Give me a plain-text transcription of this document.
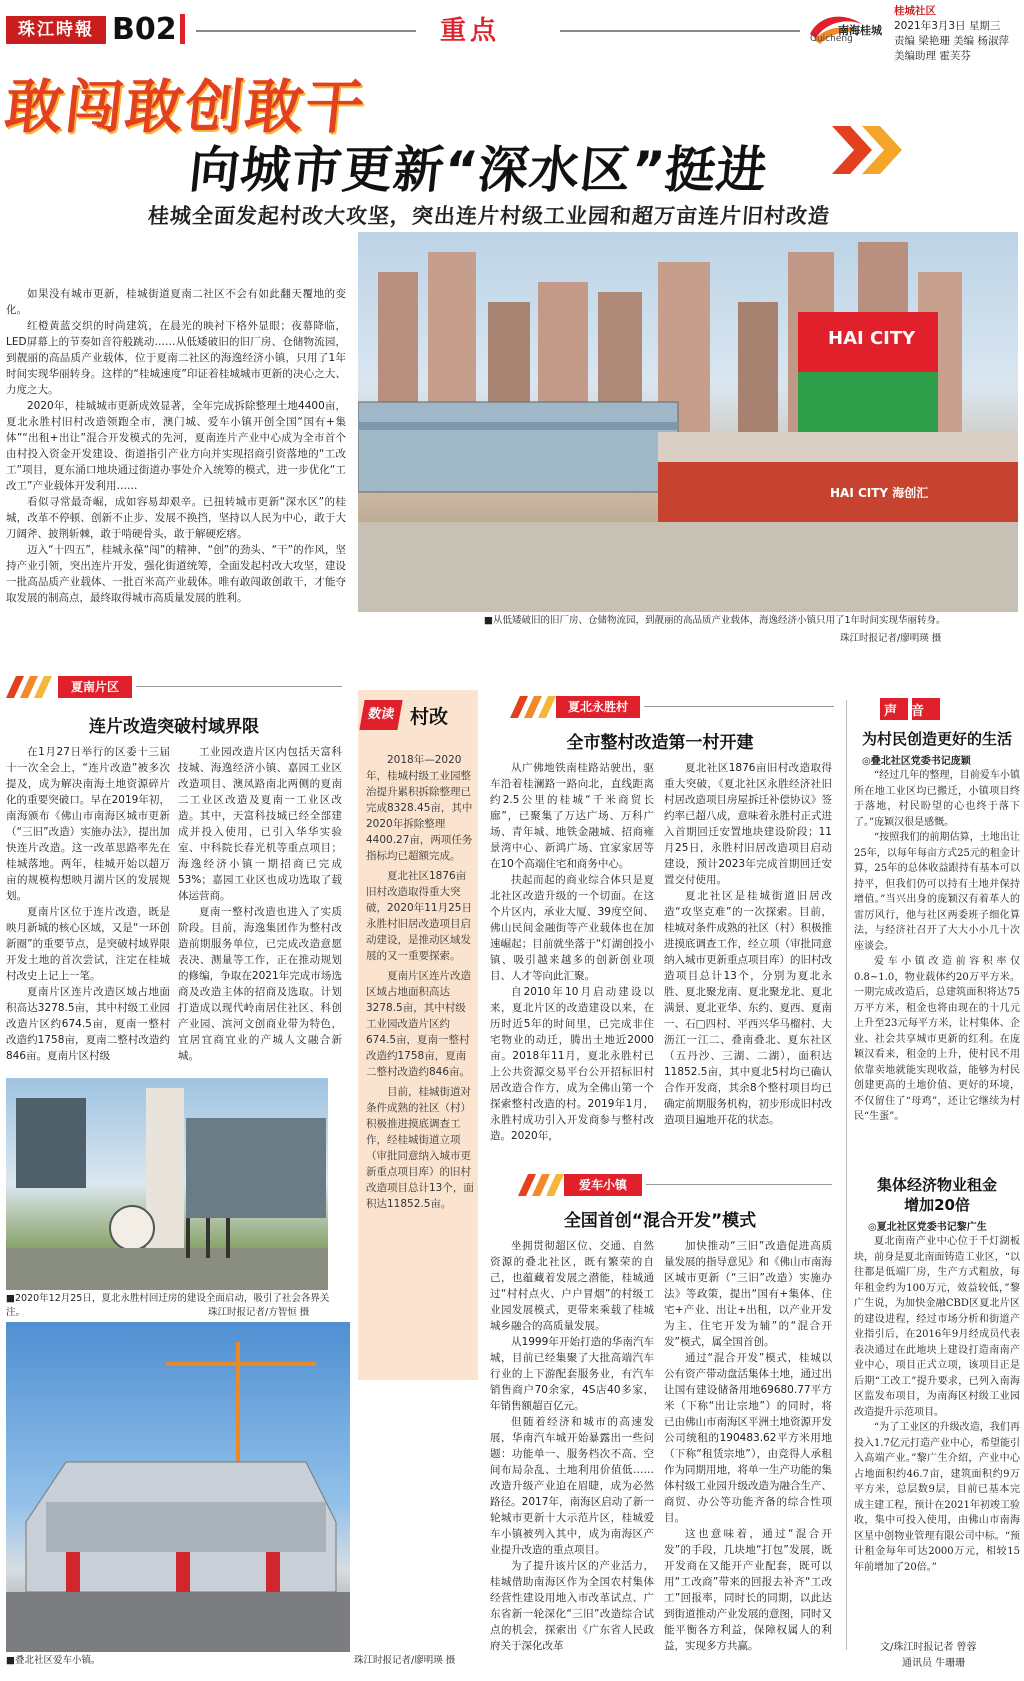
珠江時報 B02	重点	南海桂城
Guicheng
桂城社区
2021年3月3日 星期三
责编 梁艳珊 美编 杨淑萍
美编助理 霍芙芬
敢闯敢创敢干
向城市更新“深水区”挺进
桂城全面发起村改大攻坚，突出连片村级工业园和超万亩连片旧村改造

如果没有城市更新，桂城街道夏南二社区不会有如此翻天覆地的变化。

红橙黄蓝交织的时尚建筑，在晨光的映衬下格外显眼；夜幕降临，LED屏幕上的节奏如音符般跳动……从低矮破旧的旧厂房、仓储物流园，到靓丽的高品质产业载体，位于夏南二社区的海逸经济小镇，只用了1年时间实现华丽转身。这样的“桂城速度”印证着桂城城市更新的决心之大、力度之大。

2020年，桂城城市更新成效显著，全年完成拆除整理土地4400亩，夏北永胜村旧村改造领跑全市，澳门城、爱车小镇开创全国“国有+集体”“出租+出让”混合开发模式的先河，夏南连片产业中心成为全市首个由村投入资金开发建设、街道指引产业方向并实现招商引资落地的“工改工”项目，夏东涌口地块通过街道办事处介入统筹的模式，进一步优化“工改工”产业载体开发利用……

看似寻常最奇崛，成如容易却艰辛。已扭转城市更新“深水区”的桂城，改革不停顿、创新不止步、发展不换挡，坚持以人民为中心，敢于大刀阔斧、披荆斩棘，敢于啃硬骨头，敢于解硬疙瘩。

迈入“十四五”，桂城永葆“闯”的精神、“创”的劲头、“干”的作风，坚持产业引领，突出连片开发，强化街道统筹，全面发起村改大攻坚，建设一批高品质产业载体、一批百米高产业载体。唯有敢闯敢创敢干，才能夺取发展的制高点，最终取得城市高质量发展的胜利。

HAI CITY
HAI CITY 海创汇
■从低矮破旧的旧厂房、仓储物流园，到靓丽的高品质产业载体，海逸经济小镇只用了1年时间实现华丽转身。
珠江时报记者/廖明瑛 摄
夏南片区
连片改造突破村域界限

在1月27日举行的区委十三届十一次全会上，“连片改造”被多次提及，成为解决南海土地资源碎片化的重要突破口。早在2019年初，南海颁布《佛山市南海区城市更新（“三旧”改造）实施办法》，提出加快连片改造。这一改革思路率先在桂城落地。两年，桂城开始以超万亩的规模构想映月湖片区的发展规划。

夏南片区位于连片改造，既是映月新城的核心区域，又是“一环创新圈”的重要节点，是突破村域界限开发土地的首次尝试，注定在桂城村改史上记上一笔。

夏南片区连片改造区域占地面积高达3278.5亩，其中村级工业园改造片区约674.5亩，夏南一整村改造约1758亩，夏南二整村改造约846亩。夏南片区村级

工业园改造片区内包括天富科技城、海逸经济小镇、嘉园工业区改造项目、澳凤路南北两侧的夏南二工业区改造及夏南一工业区改造。其中，天富科技城已经全部建成并投入使用，已引入华华实验室、中科院长春光机等重点项目；海逸经济小镇一期招商已完成53%；嘉园工业区也成功选取了载体运营商。

夏南一整村改造也进入了实质阶段。目前，海逸集团作为整村改造前期服务单位，已完成改造意愿表决、测量等工作，正在推动规划的修编，争取在2021年完成市场选商及改造主体的招商及选取。计划打造成以现代岭南居住社区、科创产业园、滨河文创商业带为特色，宜居宜商宜业的产城人文融合新城。

■2020年12月25日，夏北永胜村回迁房的建设全面启动，吸引了社会各界关注。	珠江时报记者/方智恒 摄
■叠北社区爱车小镇。	珠江时报记者/廖明瑛 摄
数读 村改

2018年—2020年，桂城村级工业园整治提升累积拆除整理已完成8328.45亩，其中2020年拆除整理4400.27亩，两项任务指标均已超额完成。

夏北社区1876亩旧村改造取得重大突破，2020年11月25日永胜村旧居改造项目启动建设，是推动区域发展的又一重要探索。

夏南片区连片改造区域占地面积高达3278.5亩，其中村级工业园改造片区约674.5亩，夏南一整村改造约1758亩，夏南二整村改造约846亩。

目前，桂城街道对条件成熟的社区（村）积极推进摸底调查工作，经桂城街道立项（审批同意纳入城市更新重点项目库）的旧村改造项目总计13个，面积达11852.5亩。

夏北永胜村
全市整村改造第一村开建

从广佛地铁南桂路站驶出，驱车沿着桂澜路一路向北，直线距离约2.5公里的桂城“千米商贸长廊”，已聚集了万达广场、万科广场、青年城、地铁金融城、招商雍景湾中心、新鸿广场、宜家家居等在10个高端住宅和商务中心。

扶起而起的商业综合体只是夏北社区改造升级的一个切面。在这个片区内，承业大厦、39度空间、佛山民间金融街等产业载体也在加速崛起；目前就坐落于“灯湖创投小镇、吸引越来越多的创新创业项目、人才等向此汇聚。

自2010年10月启动建设以来，夏北片区的改造建设以来，在历时近5年的时间里，已完成非住宅物业的动迁，腾出土地近2000亩。2018年11月，夏北永胜村已上公共资源交易平台公开招标旧村居改造合作方，成为全佛山第一个探索整村改造的村。2019年1月，永胜村成功引入开发商参与整村改造。2020年，

夏北社区1876亩旧村改造取得重大突破，《夏北社区永胜经济社旧村居改造项目房屋拆迁补偿协议》签约率已超八成，意味着永胜村正式进入首期回迁安置地块建设阶段；11月25日，永胜村旧居改造项目启动建设，预计2023年完成首期回迁安置交付使用。

夏北社区是桂城街道旧居改造“攻坚克难”的一次探索。目前，桂城对条件成熟的社区（村）积极推进摸底调查工作，经立项（审批同意纳入城市更新重点项目库）的旧村改造项目总计13个，分别为夏北永胜、夏北聚龙南、夏北聚龙北、夏北满景、夏北亚华、东约、夏西、夏南一、石□四村、平西兴华马榴村、大沥江一江二、叠南叠北、夏东社区（五丹沙、三湖、二湖），面积达11852.5亩，其中夏北5村均已确认合作开发商，其余8个整村项目均已确定前期服务机构，初步形成旧村改造项目遍地开花的状态。

爱车小镇
全国首创“混合开发”模式

坐拥贯彻超区位、交通、自然资源的叠北社区，既有繁荣的自己，也蕴藏着发展之潜能，桂城通过“村村点火、户户冒烟”的村级工业园发展模式，更带来乘载了桂城城乡融合的高质量发展。

从1999年开始打造的华南汽车城，目前已经集聚了大批高端汽车行业的上下游配套服务业，有汽车销售商户70余家，4S店40多家，年销售额超百亿元。

但随着经济和城市的高速发展，华南汽车城开始暴露出一些问题：功能单一、服务档次不高、空间布局杂乱、土地利用价值低……改造升级产业迫在眉睫，成为必然路径。2017年，南海区启动了新一轮城市更新十大示范片区，桂城爱车小镇被列入其中，成为南海区产业提升改造的重点项目。

为了提升该片区的产业活力，桂城借助南海区作为全国农村集体经营性建设用地入市改革试点、广东省新一轮深化“三旧”改造综合试点的机会，探索出《广东省人民政府关于深化改革

加快推动“三旧”改造促进高质量发展的指导意见》和《佛山市南海区城市更新（“三旧”改造）实施办法》等政策，提出“国有+集体、住宅+产业、出让+出租，以产业开发为主、住宅开发为辅”的“混合开发”模式，属全国首创。

通过“混合开发”模式，桂城以公有资产带动盘活集体土地，通过出让国有建设储备用地69680.77平方米（下称“出让宗地”）的同时，将已由佛山市南海区平洲土地资源开发公司统租的190483.62平方米用地（下称“租赁宗地”），由竞得人承租作为同期用地，将单一生产功能的集体村级工业园升级改造为融合生产、商贸、办公等功能齐备的综合性项目。

这也意味着，通过“混合开发”的手段，几块地“打包”发展，既开发商在又能开产业配套，既可以用“工改商”带来的回报去补齐“工改工”回报率，同时长的同期，以此达到街道推动产业发展的意图，同时又能平衡各方利益，保障权属人的利益，实现多方共赢。

声音
为村民创造更好的生活
◎叠北社区党委书记庞颖

“经过几年的整理，目前爱车小镇所在地工业区均已搬迁，小镇项目终于落地，村民盼望的心也终于落下了。”庞颖汉很是感慨。

“按照我们的前期估算，土地出让25年，以每年每亩方式25元的租金计算，25年的总体收益跟持有基本可以持平，但我们仍可以持有土地并保持增值。”当兴出身的庞颖汉有着革人的雷厉风行，他与社区两委班子细化算法，与经济社召开了大大小小几十次座谈会。

爱车小镇改造前容积率仅0.8~1.0，物业载体约20万平方米。一期完成改造后，总建筑面积将达75万平方米，租金也将由现在的十几元上升至23元每平方米，让村集体、企业、社会共享城市更新的红利。在庞颖汉看来，租金的上升，使村民不用依靠卖地就能实现收益，能够为村民创建更高的土地价值、更好的环境，不仅留住了“母鸡”，还让它继续为村民“生蛋”。

集体经济物业租金
增加20倍
◎夏北社区党委书记黎广生

夏北南南产业中心位于千灯湖板块，前身是夏北南面铸造工业区，“以往都是低端厂房，生产方式粗放，每年租金约为100万元，效益较低，”黎广生说，为加快金融CBD区夏北片区的建设进程，经过市场分析和街道产业指引后，在2016年9月经成员代表表决通过在此地块上建设打造南南产业中心，项目正式立项，该项目正是后期“工改工”提升要求，已列入南海区监发布项目，为南海区村级工业园改造提升示范项目。

“为了工业区的升级改造，我们再投入1.7亿元打造产业中心，希望能引入高端产业。”黎广生介绍，产业中心占地面积约46.7亩，建筑面积约9万平方米，总层数9层，目前已基本完成主建工程，预计在2021年初竣工验收，集中可投入使用，由佛山市南海区星中创物业管理有限公司中标。“预计租金每年可达2000万元，相较15年前增加了20倍。”

文/珠江时报记者 曾蓉
通讯员 牛珊珊
